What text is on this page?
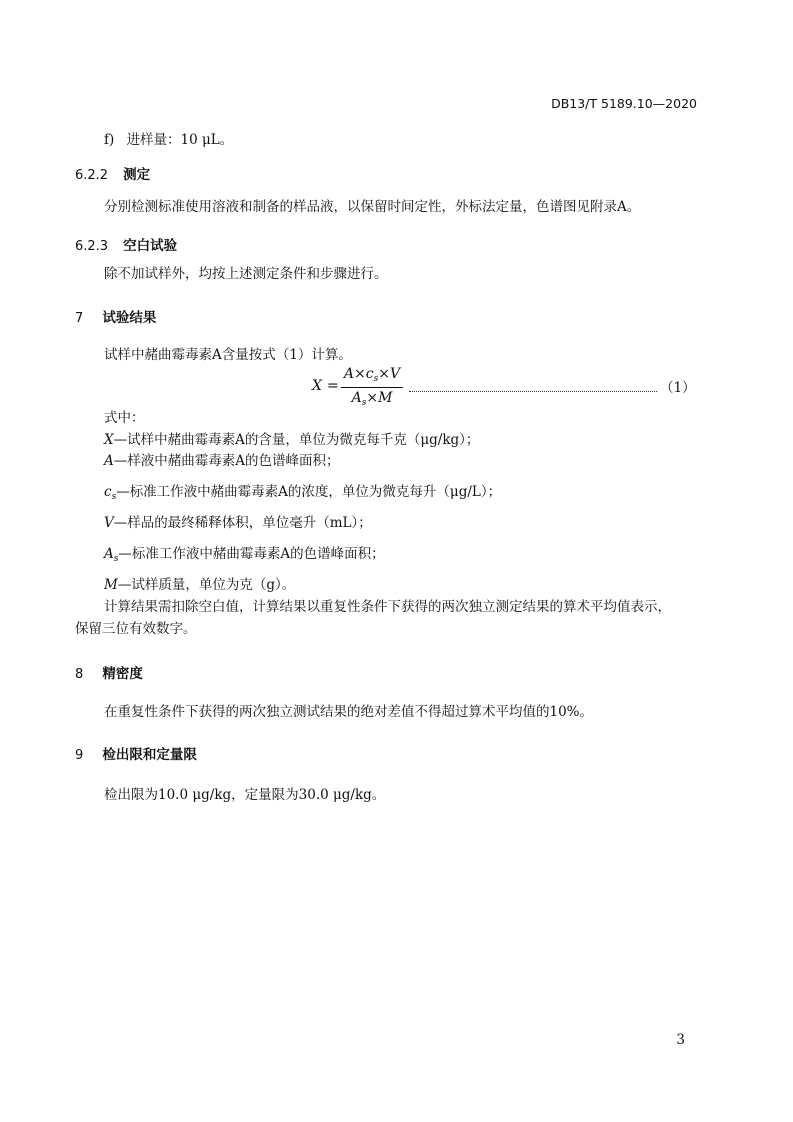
DB13/T 5189.10—2020
f) 进样量：10 μL。
6.2.2 测定
分别检测标准使用溶液和制备的样品液，以保留时间定性，外标法定量，色谱图见附录A。
6.2.3 空白试验
除不加试样外，均按上述测定条件和步骤进行。
7 试验结果
试样中赭曲霉毒素A含量按式（1）计算。
X =
$A\times c_s\times V$
$A_s\times M$
（1）
式中：
X—试样中赭曲霉毒素A的含量，单位为微克每千克（μg/kg）；
A—样液中赭曲霉毒素A的色谱峰面积；
$c_s—$标准工作液中赭曲霉毒素A的浓度，单位为微克每升（μg/L）；
V—样品的最终稀释体积，单位毫升（mL）；
$A_s—$标准工作液中赭曲霉毒素A的色谱峰面积；
M—试样质量，单位为克（g）。
计算结果需扣除空白值，计算结果以重复性条件下获得的两次独立测定结果的算术平均值表示，
保留三位有效数字。
8 精密度
在重复性条件下获得的两次独立测试结果的绝对差值不得超过算术平均值的10%。
9 检出限和定量限
检出限为10.0 μg/kg，定量限为30.0 μg/kg。
3
